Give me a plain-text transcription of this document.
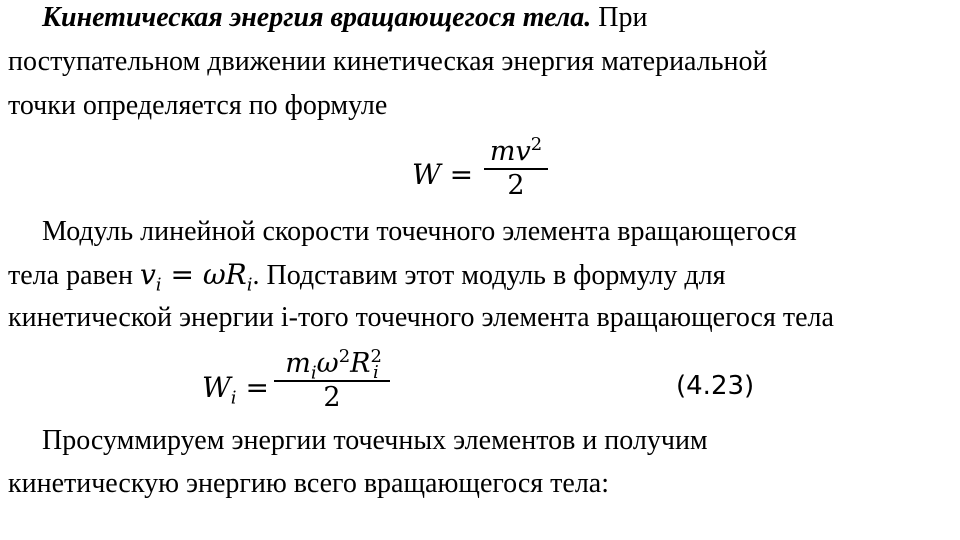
Кинетическая энергия вращающегося тела. При
поступательном движении кинетическая энергия материальной
точки определяется по формуле
W =
$mv^2$
2
Модуль линейной скорости точечного элемента вращающегося
тела равен $v_i = \omega R_i$. Подставим этот модуль в формулу для
кинетической энергии i-того точечного элемента вращающегося тела
$W_i$ =
$m_i\omega^2R^2_i$
2	(4.23)
Просуммируем энергии точечных элементов и получим
кинетическую энергию всего вращающегося тела:
